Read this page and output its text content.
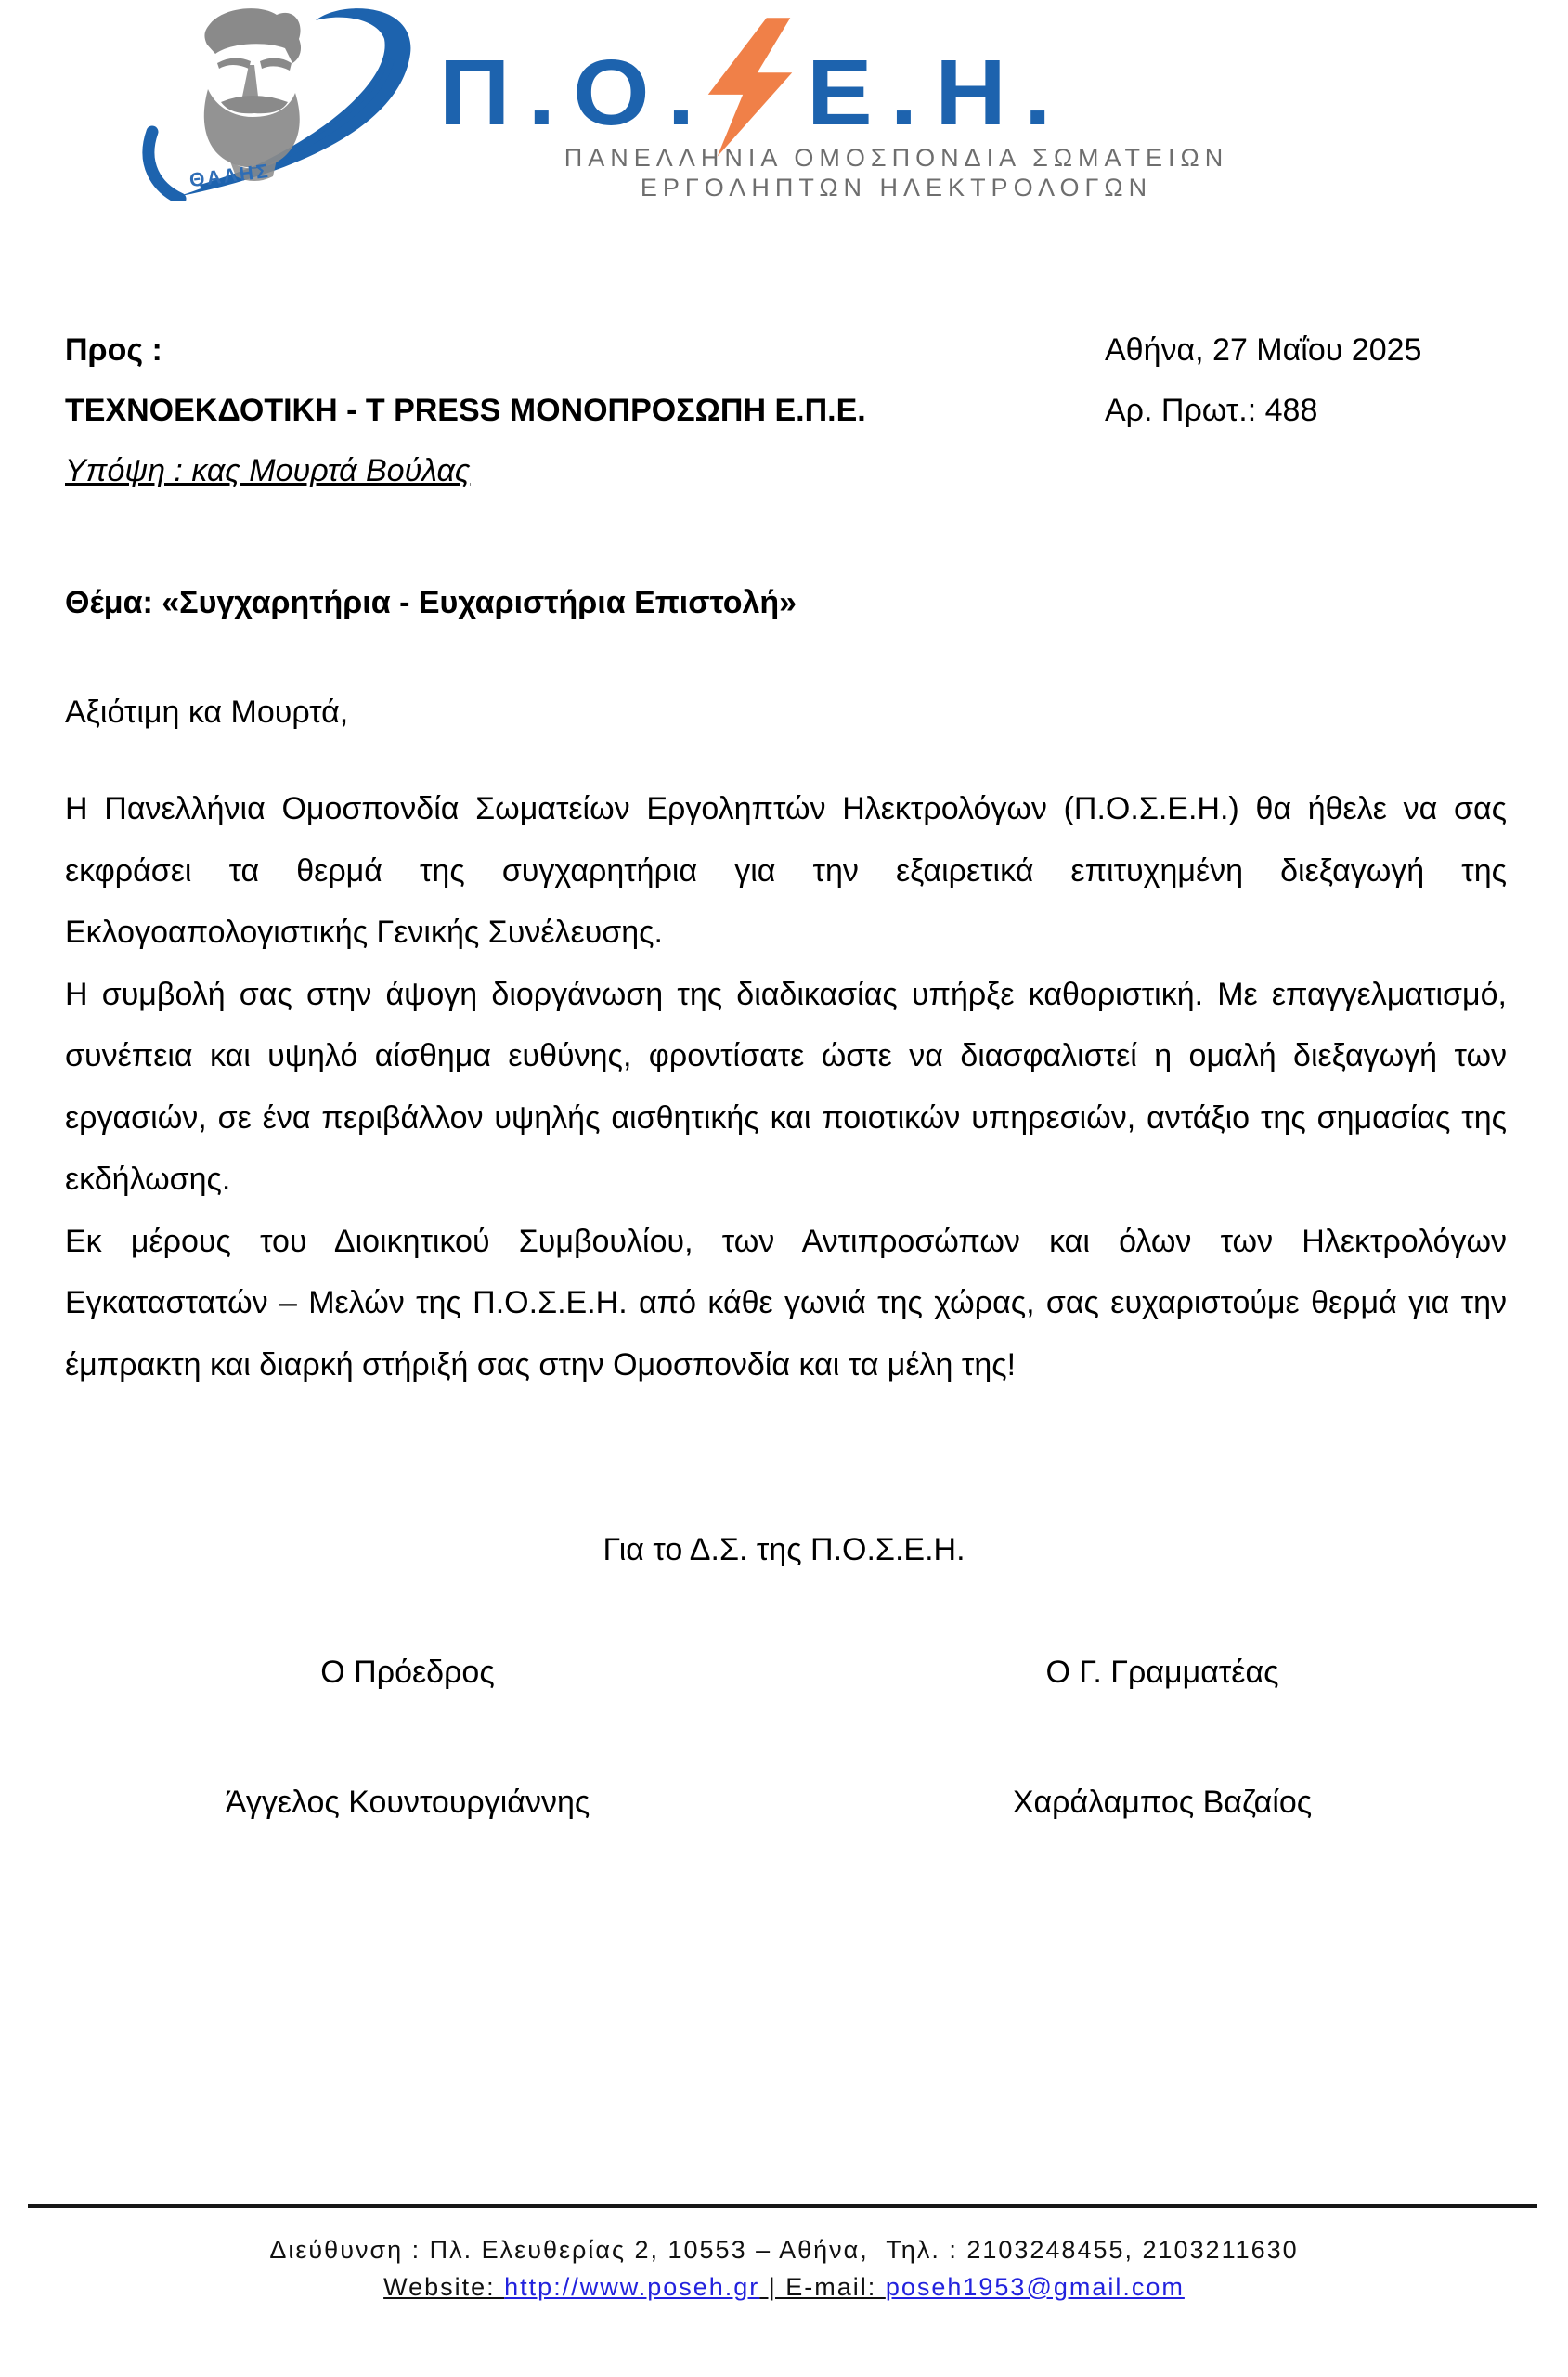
ΘΑΛΗΣ
Π.Ο. Ε.Η.
ΠΑΝΕΛΛΗΝΙΑ ΟΜΟΣΠΟΝΔΙΑ ΣΩΜΑΤΕΙΩΝ
ΕΡΓΟΛΗΠΤΩΝ ΗΛΕΚΤΡΟΛΟΓΩΝ
Προς :	Αθήνα, 27 Μαΐου 2025
ΤΕΧΝΟΕΚΔΟΤΙΚΗ - T PRESS ΜΟΝΟΠΡΟΣΩΠΗ Ε.Π.Ε.	Αρ. Πρωτ.: 488
Υπόψη : κας Μουρτά Βούλας
Θέμα: «Συγχαρητήρια - Ευχαριστήρια Επιστολή»
Αξιότιμη κα Μουρτά,

Η Πανελλήνια Ομοσπονδία Σωματείων Εργοληπτών Ηλεκτρολόγων (Π.Ο.Σ.Ε.Η.) θα ήθελε να σας εκφράσει τα θερμά της συγχαρητήρια για την εξαιρετικά επιτυχημένη διεξαγωγή της Εκλογοαπολογιστικής Γενικής Συνέλευσης.

Η συμβολή σας στην άψογη διοργάνωση της διαδικασίας υπήρξε καθοριστική. Με επαγγελματισμό, συνέπεια και υψηλό αίσθημα ευθύνης, φροντίσατε ώστε να διασφαλιστεί η ομαλή διεξαγωγή των εργασιών, σε ένα περιβάλλον υψηλής αισθητικής και ποιοτικών υπηρεσιών, αντάξιο της σημασίας της εκδήλωσης.

Εκ μέρους του Διοικητικού Συμβουλίου, των Αντιπροσώπων και όλων των Ηλεκτρολόγων Εγκαταστατών – Μελών της Π.Ο.Σ.Ε.Η. από κάθε γωνιά της χώρας, σας ευχαριστούμε θερμά για την έμπρακτη και διαρκή στήριξή σας στην Ομοσπονδία και τα μέλη της!

Για το Δ.Σ. της Π.Ο.Σ.Ε.Η.
Ο Πρόεδρος	Ο Γ. Γραμματέας
Άγγελος Κουντουργιάννης	Χαράλαμπος Βαζαίος
Διεύθυνση : Πλ. Ελευθερίας 2, 10553 – Αθήνα,  Τηλ. : 2103248455, 2103211630
Website: http://www.poseh.gr | E-mail: poseh1953@gmail.com
